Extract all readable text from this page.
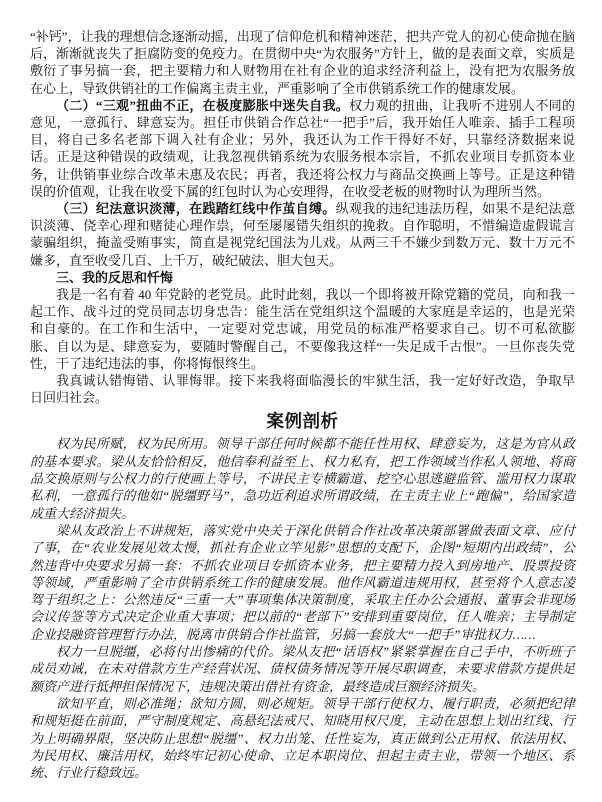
“补钙”，让我的理想信念逐渐动摇，出现了信仰危机和精神迷茫，把共产党人的初心使命抛在脑后，渐渐就丧失了拒腐防变的免疫力。在贯彻中央“为农服务”方针上，做的是表面文章，实质是敷衍了事另搞一套，把主要精力和人财物用在社有企业的追求经济利益上，没有把为农服务放在心上，导致供销社的工作偏离主责主业，严重影响了全市供销系统工作的健康发展。

（二）“三观”扭曲不正，在极度膨胀中迷失自我。权力观的扭曲，让我听不进别人不同的意见，一意孤行、肆意妄为。担任市供销合作总社“一把手”后，我开始任人唯亲、插手工程项目，将自己多名老部下调入社有企业；另外，我还认为工作干得好不好，只靠经济数据来说话。正是这种错误的政绩观，让我忽视供销系统为农服务根本宗旨，不抓农业项目专抓资本业务，让供销事业综合改革未惠及农民；再者，我还将公权力与商品交换画上等号。正是这种错误的价值观，让我在收受下属的红包时认为心安理得，在收受老板的财物时认为理所当然。

（三）纪法意识淡薄，在践踏红线中作茧自缚。纵观我的违纪违法历程，如果不是纪法意识淡薄、侥幸心理和赌徒心理作祟，何至屡屡错失组织的挽救。自作聪明，不惜编造虚假谎言蒙骗组织，掩盖受贿事实，简直是视党纪国法为儿戏。从两三千不嫌少到数万元、数十万元不嫌多，直至收受几百、上千万，破纪破法、胆大包天。

三、我的反思和忏悔

我是一名有着 40 年党龄的老党员。此时此刻，我以一个即将被开除党籍的党员，向和我一起工作、战斗过的党员同志切身忠告：能生活在党组织这个温暖的大家庭是幸运的，也是光荣和自豪的。在工作和生活中，一定要对党忠诚，用党员的标准严格要求自己。切不可私欲膨胀、自以为是、肆意妄为，要随时警醒自己，不要像我这样“一失足成千古恨”。一旦你丧失党性，干了违纪违法的事，你将悔恨终生。

我真诚认错悔错、认罪悔罪。接下来我将面临漫长的牢狱生活，我一定好好改造，争取早日回归社会。

案例剖析

权为民所赋，权为民所用。领导干部任何时候都不能任性用权、肆意妄为，这是为官从政的基本要求。梁从友恰恰相反，他信奉利益至上、权力私有，把工作领域当作私人领地、将商品交换原则与公权力的行使画上等号，不讲民主专横霸道、挖空心思逃避监管、滥用权力谋取私利，一意孤行的他如“脱缰野马”，急功近利追求所谓政绩，在主责主业上“跑偏”，给国家造成重大经济损失。

梁从友政治上不讲规矩，落实党中央关于深化供销合作社改革决策部署做表面文章、应付了事，在“农业发展见效太慢，抓社有企业立竿见影”思想的支配下，企图“短期内出政绩”，公然违背中央要求另搞一套：不抓农业项目专抓资本业务，把主要精力投入到房地产、股票投资等领域，严重影响了全市供销系统工作的健康发展。他作风霸道违规用权，甚至将个人意志凌驾于组织之上：公然违反“三重一大”事项集体决策制度，采取主任办公会通报、董事会非现场会议传签等方式决定企业重大事项；把以前的“老部下”安排到重要岗位，任人唯亲；主导制定企业投融资管理暂行办法，脱离市供销合作社监管，另搞一套放大“一把手”审批权力……

权力一旦脱缰，必将付出惨痛的代价。梁从友把“话语权”紧紧掌握在自己手中，不听班子成员劝诫，在未对借款方生产经营状况、债权债务情况等开展尽职调查，未要求借款方提供足额资产进行抵押担保情况下，违规决策出借社有资金，最终造成巨额经济损失。

欲知平直，则必准绳；欲知方圆，则必规矩。领导干部行使权力、履行职责，必须把纪律和规矩挺在前面，严守制度规定、高悬纪法戒尺、知晓用权尺度，主动在思想上划出红线、行为上明确界限，坚决防止思想“脱缰”、权力出笼、任性妄为，真正做到公正用权、依法用权、为民用权、廉洁用权，始终牢记初心使命、立足本职岗位、担起主责主业，带领一个地区、系统、行业行稳致远。
